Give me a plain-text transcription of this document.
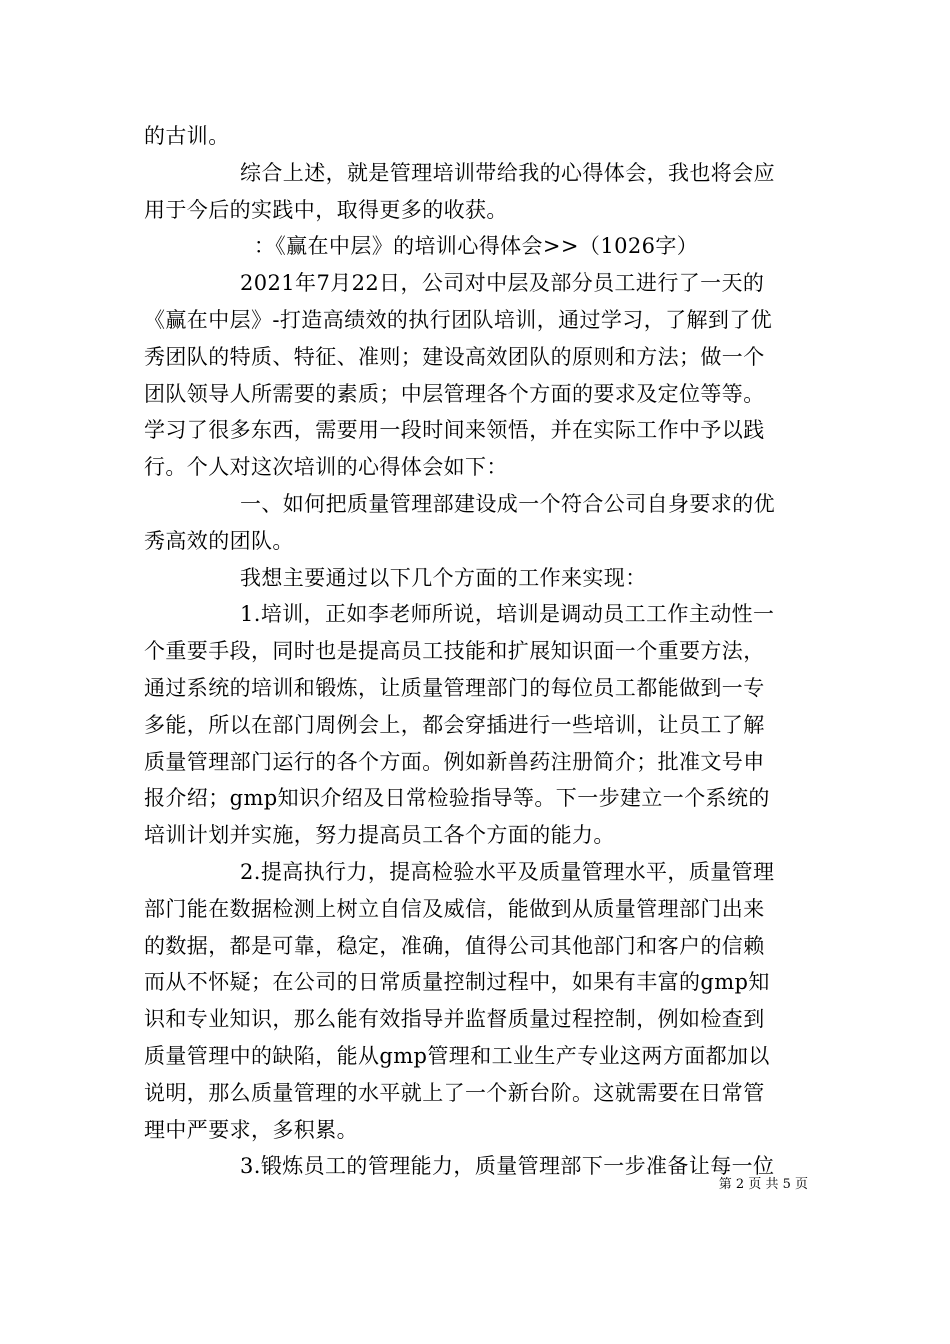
的古训。
综合上述，就是管理培训带给我的心得体会，我也将会应
用于今后的实践中，取得更多的收获。
：《赢在中层》的培训心得体会>>（1026字）
2021年7月22日，公司对中层及部分员工进行了一天的
《赢在中层》-打造高绩效的执行团队培训，通过学习，了解到了优
秀团队的特质、特征、准则；建设高效团队的原则和方法；做一个
团队领导人所需要的素质；中层管理各个方面的要求及定位等等。
学习了很多东西，需要用一段时间来领悟，并在实际工作中予以践
行。个人对这次培训的心得体会如下：
一、如何把质量管理部建设成一个符合公司自身要求的优
秀高效的团队。
我想主要通过以下几个方面的工作来实现：
1.培训，正如李老师所说，培训是调动员工工作主动性一
个重要手段，同时也是提高员工技能和扩展知识面一个重要方法，
通过系统的培训和锻炼，让质量管理部门的每位员工都能做到一专
多能，所以在部门周例会上，都会穿插进行一些培训，让员工了解
质量管理部门运行的各个方面。例如新兽药注册简介；批准文号申
报介绍；gmp知识介绍及日常检验指导等。下一步建立一个系统的
培训计划并实施，努力提高员工各个方面的能力。
2.提高执行力，提高检验水平及质量管理水平，质量管理
部门能在数据检测上树立自信及威信，能做到从质量管理部门出来
的数据，都是可靠，稳定，准确，值得公司其他部门和客户的信赖
而从不怀疑；在公司的日常质量控制过程中，如果有丰富的gmp知
识和专业知识，那么能有效指导并监督质量过程控制，例如检查到
质量管理中的缺陷，能从gmp管理和工业生产专业这两方面都加以
说明，那么质量管理的水平就上了一个新台阶。这就需要在日常管
理中严要求，多积累。
3.锻炼员工的管理能力，质量管理部下一步准备让每一位
第 2 页 共 5 页
